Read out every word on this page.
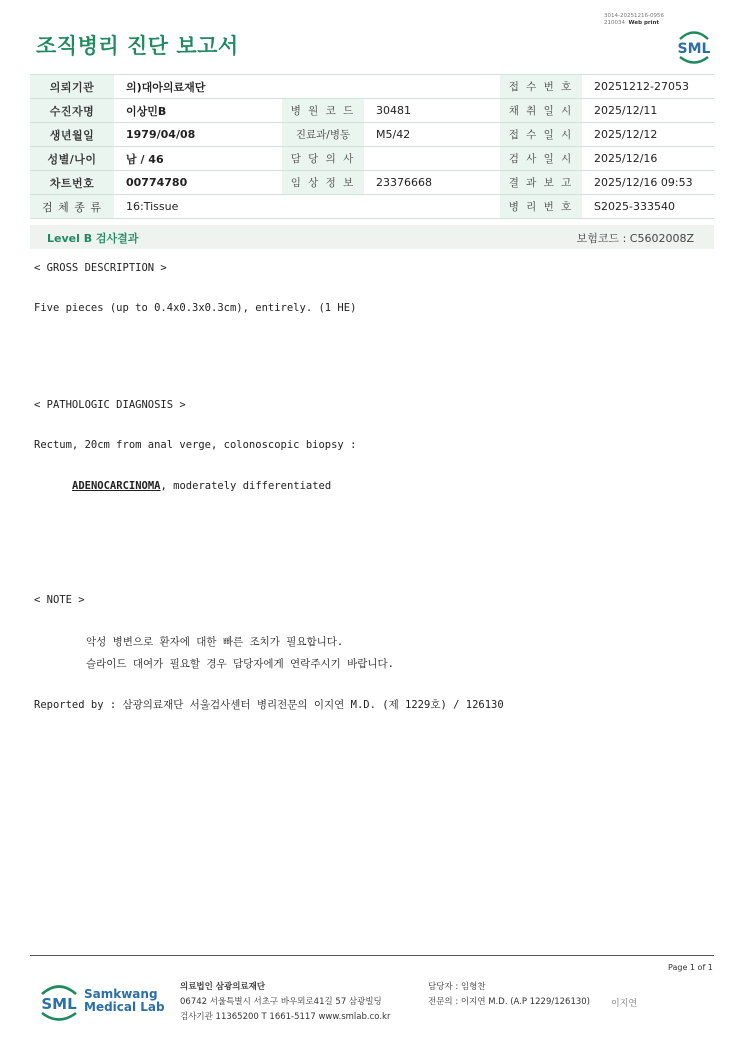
조직병리 진단 보고서
3014-20251216-0956
210034 Web print
SML
의뢰기관	의)대아의료재단			접 수 번 호	20251212-27053
수진자명	이상민B	병 원 코 드	30481	채 취 일 시	2025/12/11
생년월일	1979/04/08	진료과/병동	M5/42	접 수 일 시	2025/12/12
성별/나이	남 / 46	담 당 의 사		검 사 일 시	2025/12/16
차트번호	00774780	임 상 정 보	23376668	결 과 보 고	2025/12/16 09:53
검 체 종 류	16:Tissue			병 리 번 호	S2025-333540
Level B 검사결과	보험코드 : C5602008Z
< GROSS DESCRIPTION >
Five pieces (up to 0.4x0.3x0.3cm), entirely. (1 HE)
< PATHOLOGIC DIAGNOSIS >
Rectum, 20cm from anal verge, colonoscopic biopsy :
ADENOCARCINOMA, moderately differentiated
< NOTE >
악성 병변으로 환자에 대한 빠른 조치가 필요합니다.
슬라이드 대여가 필요할 경우 담당자에게 연락주시기 바랍니다.
Reported by : 삼광의료재단 서울검사센터 병리전문의 이지연 M.D. (제 1229호) / 126130
Page 1 of 1
SML
Samkwang
Medical Lab
의료법인 삼광의료재단
06742 서울특별시 서초구 바우뫼로41길 57 삼광빌딩
검사기관 11365200 T 1661-5117 www.smlab.co.kr
담당자 : 임형찬
전문의 : 이지연 M.D. (A.P 1229/126130) 이지연
